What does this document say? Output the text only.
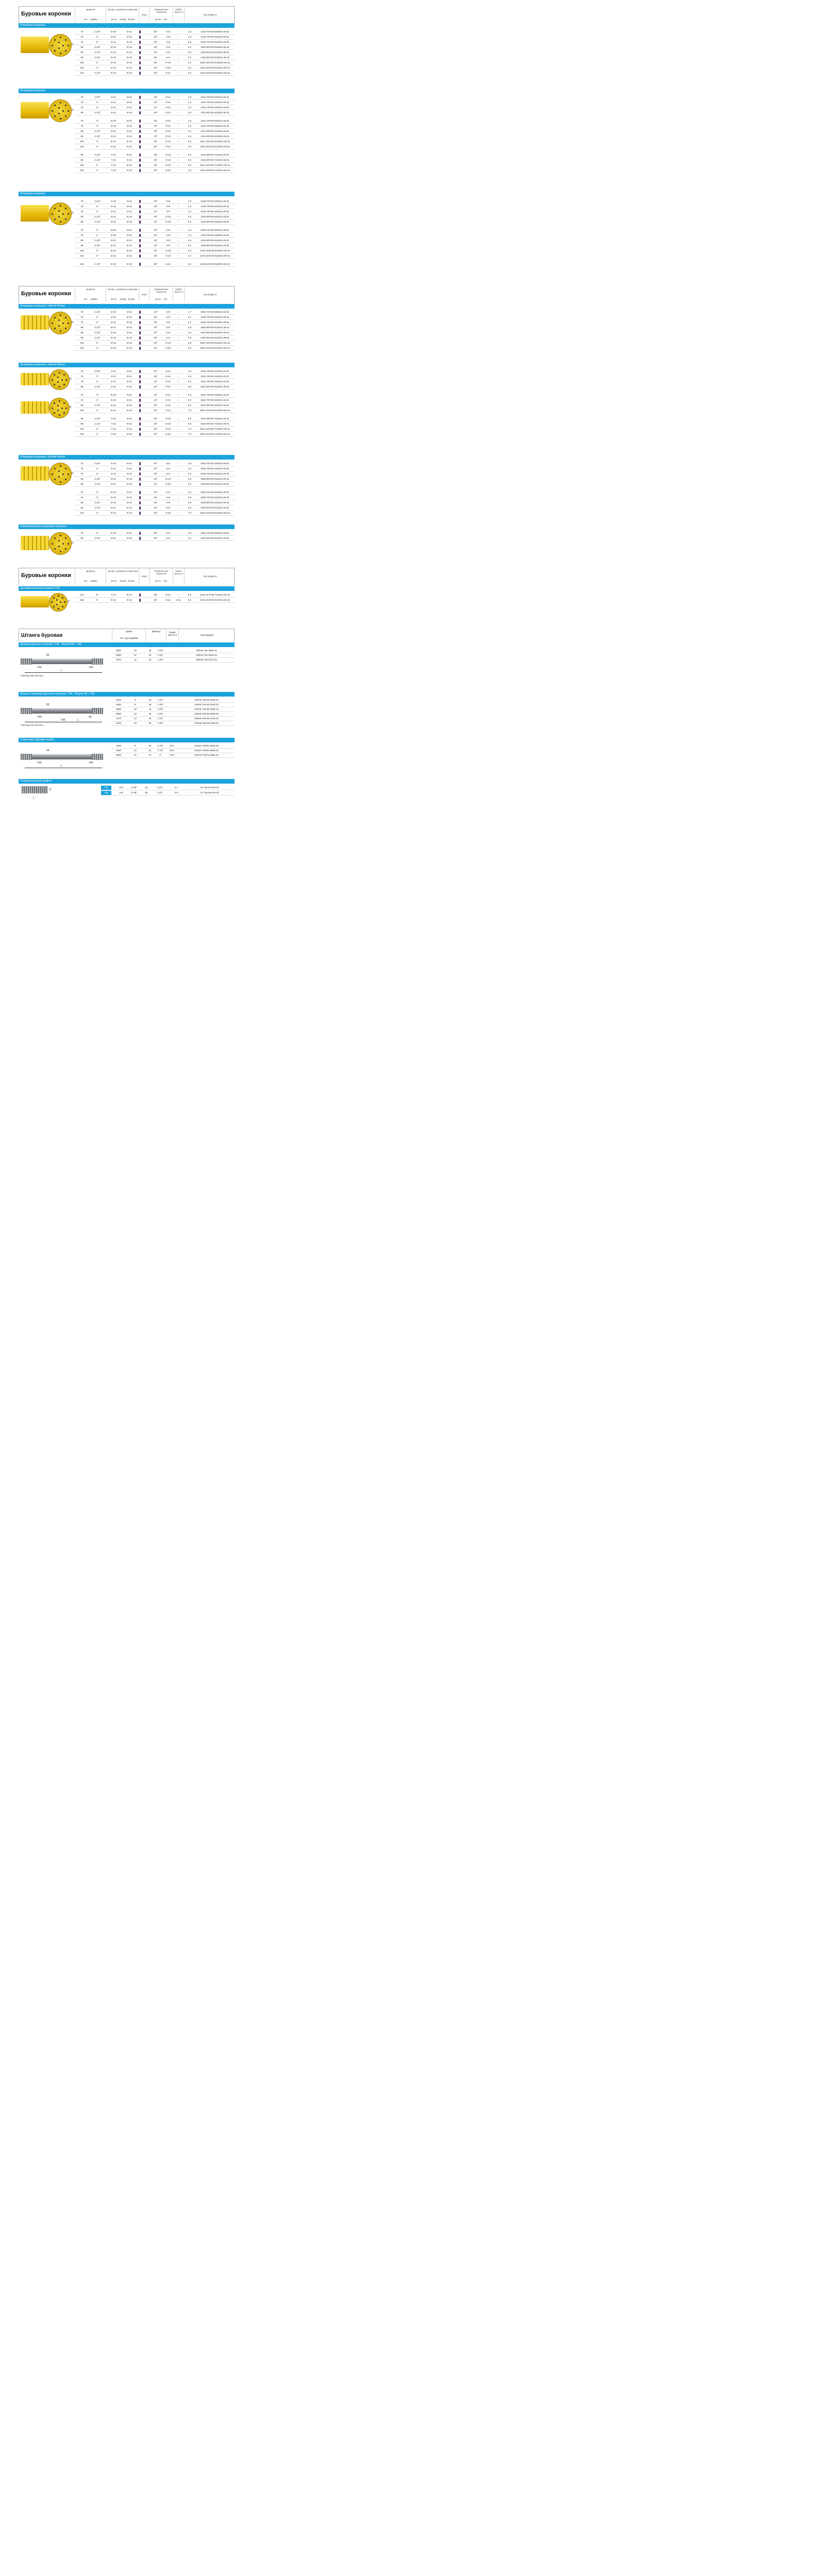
Буровые коронки
Диаметр
mm дюймы
Штырь х диаметр штыря (мм)
центр. периф Форма
конус
Промывочное отверстие
центр. бок.
Прибл. масса, кг
Код продукта
Штыревая коронка
70	2 3/4"	5×10	8×11	30°	4×8	–	2.3	1432-70T45-510/811-45-31
76	3"	5×11	8×12	35°	4×8	–	2.5	1432-76T45-511/812-45-31
76	3"	5×11	8×12	35°	4×8	–	2.5	1432-76T45-511/812-45-51
89	3 1/2"	5×13	8×13	35°	4×9	–	3.2	1432-89T45-513/813-45-31
89	3 1/2"	5×13	8×13	40°	4×9	–	3.2	1432-89T45-513/813-45-51
89	3 1/2"	5×12	8×12	35°	4×9	–	3.2	1432-89T45-512/812-45-31
102	4"	5×13	8×13	35°	4×10	–	4.4	1432-102T45-513/813-45-31
102	4"	5×13	8×14	35°	4×10	–	4.4	1432-102T45-513/814-45-31
115	4 1/2"	6×13	8×13	35°	4×11	–	6.2	1432-115T45-613/813-45-31
D
Штыревая коронка
70	2 3/4"	4×11	8×11	40°	2×11	–	1.9	1431-70T45-411/811-45-31
76	3"	4×11	8×11	35°	2×11	–	2.3	1431-76T45-411/811-45-31
76	3"	4×11	8×11	40°	2×11	–	2.3	1431-76T45-411/811-45-51
89	3 1/2"	4×11	8×13	40°	2×12	–	3.3	1431-89T45-413/813-45-31
76	3"	6×10	8×11	35°	2×11	–	2.3	1431-76T45-610/811-45-31
76	3"	6×10	8×11	40°	2×11	–	2.3	1431-76T45-610/811-45-51
89	3 1/2"	6×11	8×12	35°	2×12	–	3.2	1431-89T45-611/812-45-31
89	3 1/2"	6×11	8×12	40°	2×12	–	3.2	1431-89T45-611/812-45-51
102	4"	6×12	8×13	35°	2×13	–	4.0	1431-102T45-612/813-45-31
102	4"	6×12	8×13	35°	2×13	–	4.0	1431-102T45-612/813-45-51
89	3 1/2"	7×11	9×11	35°	3×10	–	3.2	1431-89T45-711/911-45-31
89	3 1/2"	7×11	9×12	35°	3×10	–	3.2	1431-89T45-711/912-45-31
102	4"	7×12	9×12	35°	3×10	–	4.0	1431-102T45-712/912-45-31
102	4"	7×12	9×13	35°	3×10	–	4.0	1431-102T45-712/913-45-31
D
Штыревая коронка
70	2 3/4"	4×10	6×11	40°	3×8	–	1.9	1433-70T45-410/611-45-31
76	3"	4×11	6×11	35°	3×9	–	2.3	1433-76T45-411/611-45-31
76	3"	4×11	6×11	40°	3×9	–	2.3	1433-76T45-411/611-45-51
89	3 1/2"	5×11	6×13	35°	3×10	–	3.2	1433-89T45-511/613-45-31
89	3 1/2"	5×11	6×13	40°	3×10	–	3.2	1433-89T45-511/613-45-51
76	3"	6×10	6×11	35°	4×8	–	2.3	1433-76T45-610/611-45-31
76	3"	6×10	8×11	35°	4×8	–	2.3	1433-76T45-610/811-45-31
89	3 1/2"	6×11	8×12	35°	4×9	–	3.2	1433-89T45-611/812-45-31
89	3 1/2"	6×11	8×12	35°	4×9	–	3.2	1433-89T45-611/812-45-51
102	4"	6×12	8×13	35°	4×10	–	4.4	1433-102T45-612/813-45-31
102	4"	6×12	8×13	35°	4×10	–	4.4	1433-102T45-612/813-45-51
115	4 1/2"	6×13	8×13	35°	4×11	–	6.2	1433-115T45-613/813-45-31
D
Штыревая коронка с юбкой Retrac
70	2 3/4"	5×10	8×11	30°	4×8	–	2.7	1632-70T45-510/811-45-31
76	3"	5×11	8×12	35°	4×8	–	3.1	1632-76T45-511/812-45-31
76	3"	5×11	8×12	35°	4×8	–	3.1	1632-76T45-511/812-45-51
89	3 1/2"	5×13	8×13	35°	4×9	–	4.8	1632-89T45-513/813-45-31
89	3 1/2"	5×13	8×13	40°	4×9	–	4.8	1632-89T45-513/813-45-51
89	3 1/2"	5×12	8×12	35°	4×9	–	4.8	1632-89T45-512/812-45-51
102	4"	5×13	8×13	35°	4×10	–	6.8	1632-102T45-513/813-45-31
102	4"	5×13	8×14	35°	4×10	–	6.8	1632-102T45-513/814-45-31
D
Штыревая коронка с юбкой Retrac
70	2 3/4"	4×11	8×11	40°	2×11	–	2.9	1531-70T45-411/811-45-31
76	3"	4×11	8×11	35°	2×11	–	3.3	1531-76T45-411/811-45-31
76	3"	4×11	8×11	40°	2×11	–	3.3	1531-76T45-411/811-45-51
89	3 1/2"	4×11	8×13	40°	2×12	–	5.0	1531-89T45-413/813-45-31
76	3"	6×10	8×11	35°	2×11	–	3.3	1531-76T45-610/811-45-31
76	3"	6×10	8×11	40°	2×11	–	3.3	1531-76T45-610/811-45-51
89	3 1/2"	6×11	8×12	35°	2×12	–	5.0	1531-89T45-611/812-45-31
102	4"	6×12	8×13	35°	2×13	–	7.0	1531-102T45-612/813-45-31
89	3 1/2"	7×11	9×11	35°	3×10	–	5.0	1531-89T45-711/911-45-31
89	3 1/2"	7×11	9×12	35°	3×10	–	5.0	1531-89T45-711/912-45-31
102	4"	7×12	9×12	35°	3×10	–	7.0	1531-102T45-712/912-45-31
102	4"	7×12	9×13	35°	3×10	–	7.0	1531-102T45-712/913-45-31
D
D
Штыревая коронка с юбкой Retrac
70	2 3/4"	4×10	6×11	40°	3×8	–	2.9	1533-70T45-410/611-45-31
76	3"	4×11	6×11	35°	3×9	–	3.3	1533-76T45-411/611-45-31
76	3"	4×11	6×11	35°	3×8	–	3.3	1533-76T45-411/611-45-51
89	3 1/2"	5×11	6×13	35°	3×10	–	5.0	1533-89T45-511/613-45-31
89	3 1/2"	5×11	6×13	40°	3×10	–	5.0	1533-89T45-511/613-45-51
76	3"	6×10	6×11	35°	4×8	–	3.3	1533-76T45-610/611-45-31
76	3"	6×10	8×11	35°	4×8	–	3.3	1533-76T45-610/811-45-31
89	3 1/2"	6×11	8×12	35°	4×9	–	5.0	1533-89T45-611/812-45-31
89	3 1/2"	6×11	8×12	35°	4×9	–	5.0	1533-89T45-611/812-45-51
102	4"	6×12	8×13	35°	4×10	–	7.0	1533-102T45-612/813-45-31
D
Направляющая штыревая коронка
76	3"	6×10	8×11	35°	4×8	–	2.5	1632-76T45-610/811-45-51
89	3 1/2"	6×11	8×12	35°	4×9	–	3.2	1632-89T45-611/812-45-51
D
расширительный коронка T45
127	5"	7×14	8×14	35°	3×11	–	6.9	1441-127T45-714/814-45-31
152	6"	9×14	8×14	35°	3×11	1×11	9.2	1441-152T45-914/814-45-31
D
Буровые коронки
Диаметр
mm дюймы
Штырь х диаметр штыря (мм)
центр. периф Форма
конус
Промывочное отверстие
центр. бок.
Прибл. масса, кг
Код продукта
Буровые коронки
Диаметр
mm дюймы
Штырь х диаметр штыря (мм)
центр. периф Форма
конус
Промывочное отверстие
центр. бок.
Прибл. масса, кг
Код продукта
Штанга буровая
Длина
mm футы/дюймы
Диаметр	Прибл. масса, кг	Код продукта
Штанга круглого сечения, T45 - Round 46 - T45
3050	10'	45	1 3/4"	23R46-T45-3050-23
3660	12'	45	1 3/4"	23R46-T45-3660-23
4270	14'	45	1 3/4"	23R46-T45-4270-23
46
T45	T45
L
Flushing hole Ø17mm.
Штанга Speedrod круглого сечения, T45 - Round 46 - T45
1525	5'	45	1 3/4"	24R46-T45-65-1525-23
1830	6'	45	1 3/4"	24R46-T45-65-1830-23
3050	10'	45	1 3/4"	24R46-T45-65-3050-23
3660	12'	45	1 3/4"	24R46-T45-65-3660-23
4270	14'	45	1 3/4"	24R46-T45-65-4270-23
6100	20'	45	1 3/4"	24R46-T45-65-6100-23
65
T45	46
T45	L
Flushing hole Ø17mm.
Стартовая буровая труба
1830	6'	64	2 1/2"	26.0	24G64-T45/64-1830-23
3660	12'	64	2 1/2"	49.9	24G64-T45/64-3660-23
3660	12'	76	3"	79.9	24G76-T45/76-3660-23
64
T45	T45
L
Соединительная муфта
T45	210	8 1/8"	63	2 1/2"	2.7	31-T45-63-210-23
T45	210	8 1/8"	66	2 1/2"	2.9	31-T45-66-210-23
L
D
